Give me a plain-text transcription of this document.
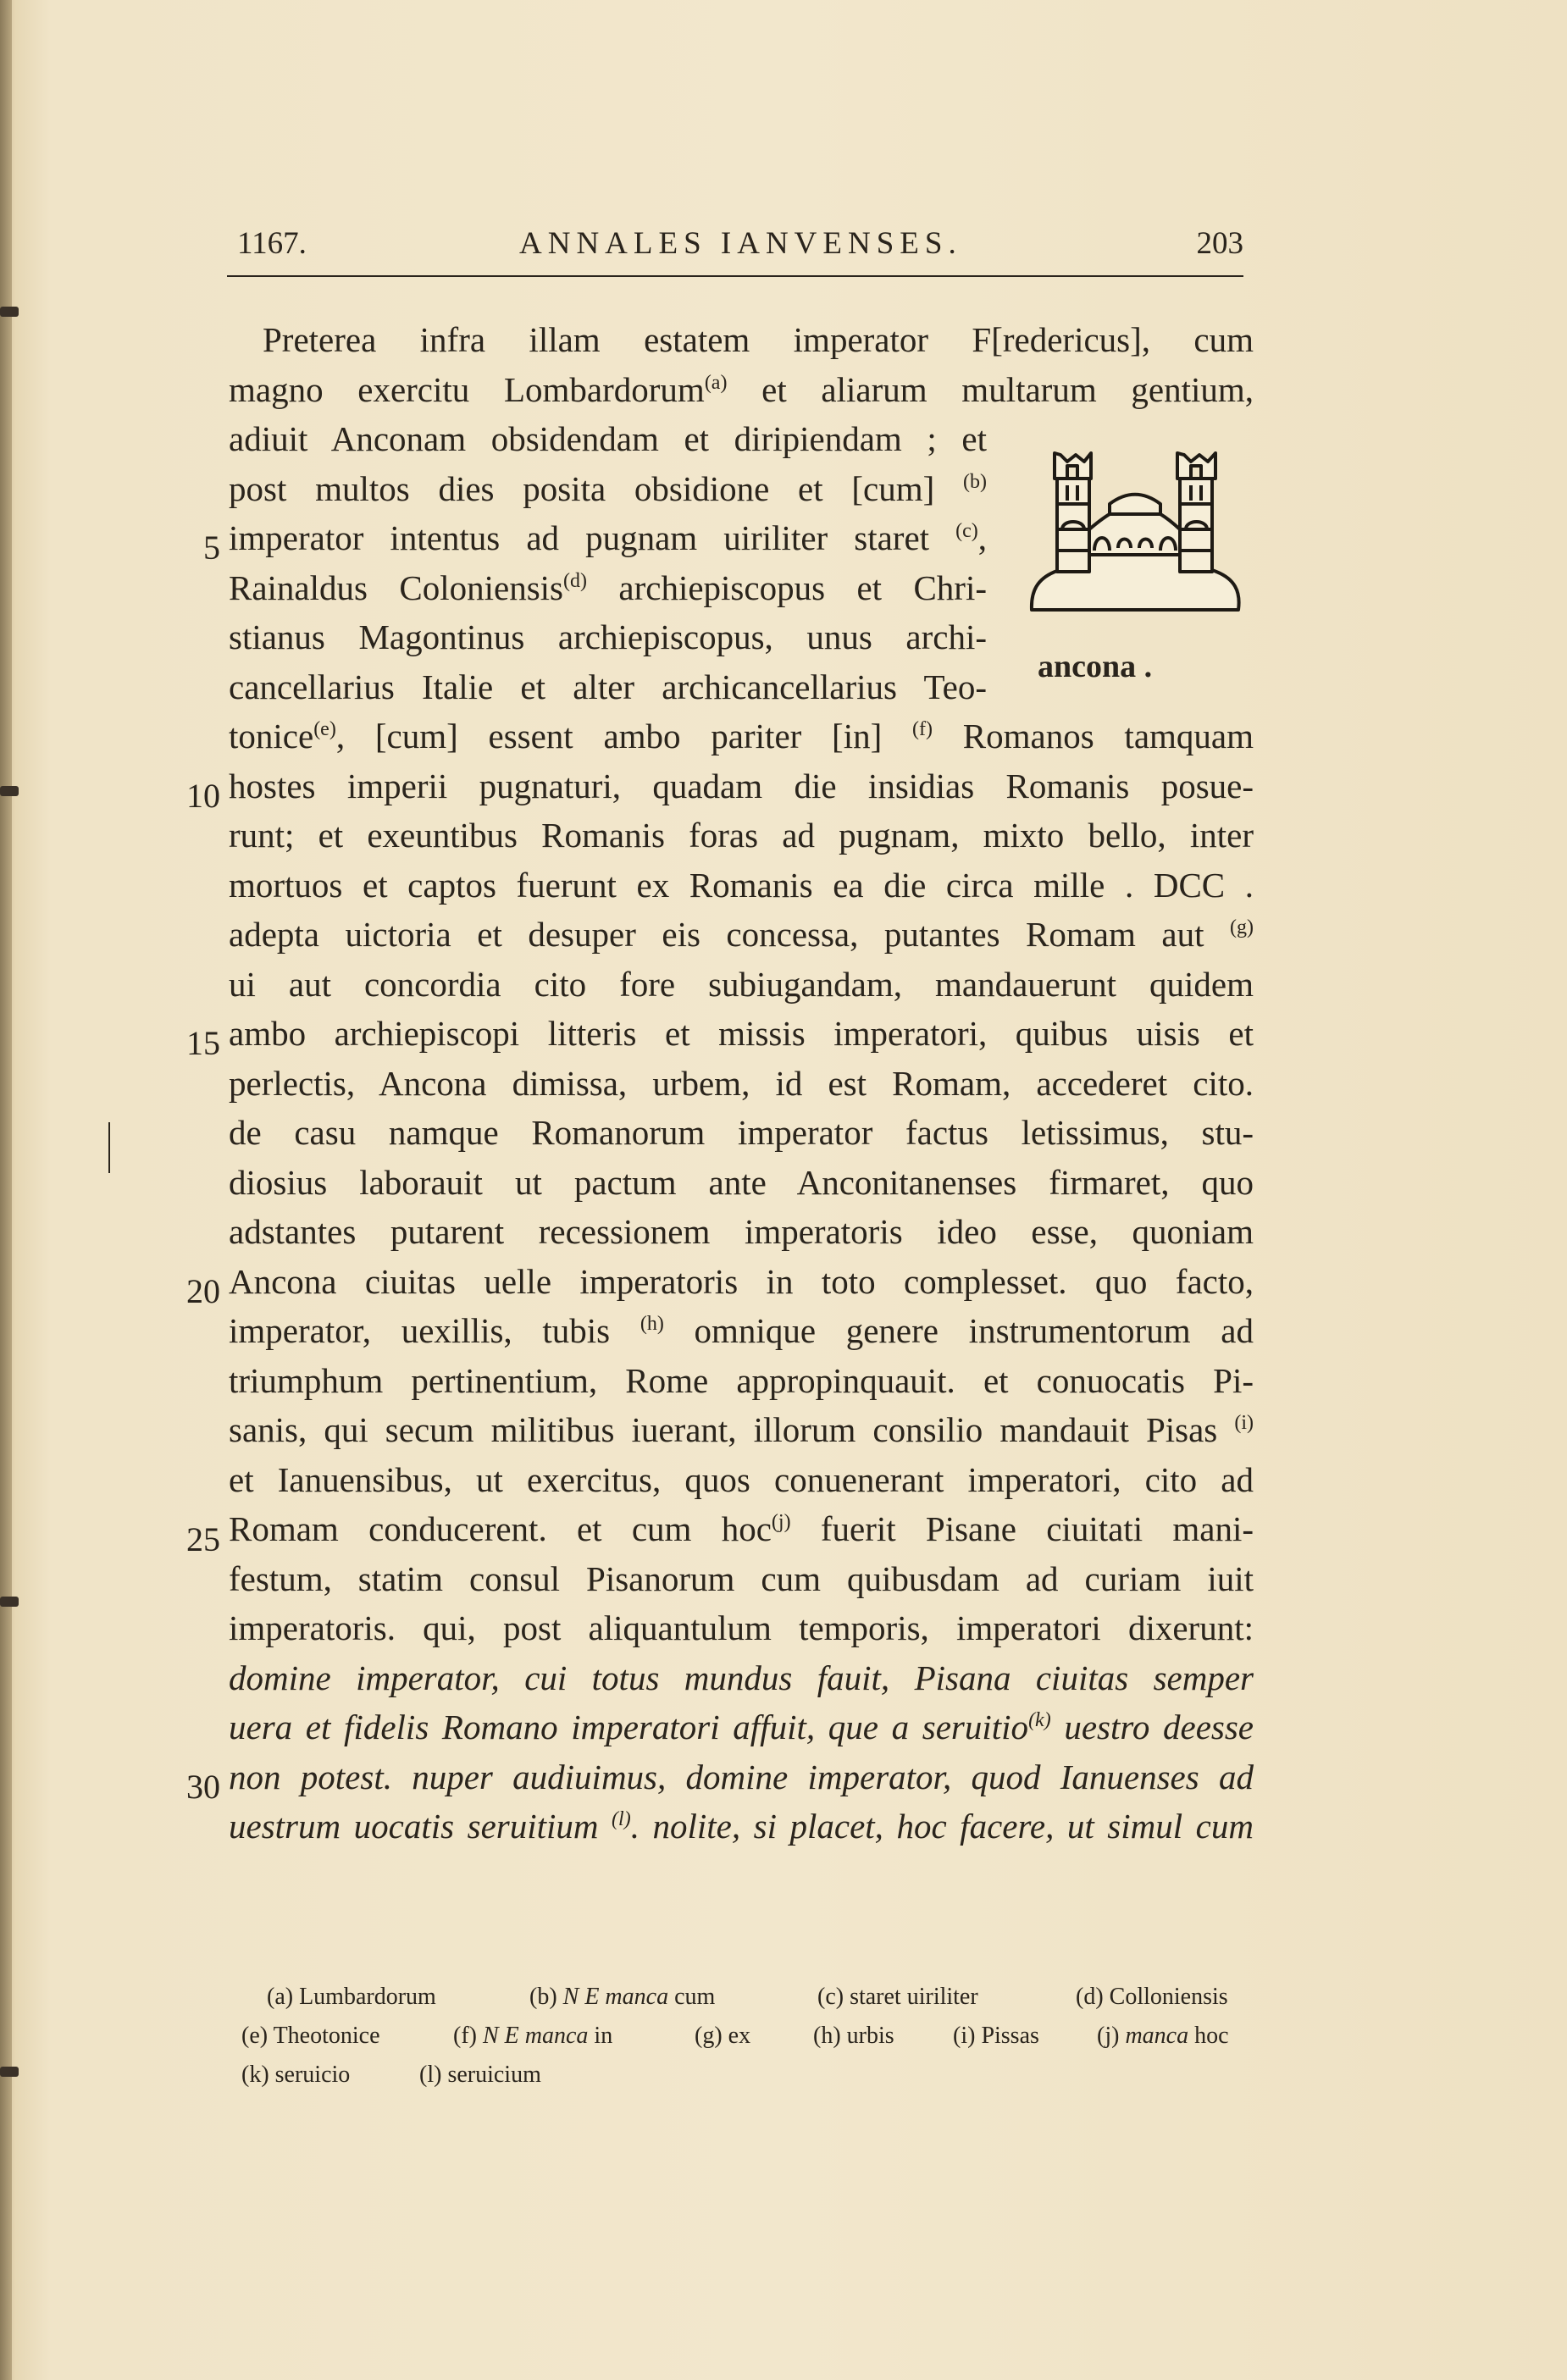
1167.	ANNALES IANVENSES.	203
5
10
15
20
25
30
Preterea infra illam estatem imperator F[redericus], cum
magno exercitu Lombardorum$^{(a)}$ et aliarum multarum gentium,
adiuit Anconam obsidendam et diripiendam ; et
post multos dies posita obsidione et [cum] $^{(b)}$
imperator intentus ad pugnam uiriliter staret $^{(c)}$,
Rainaldus Coloniensis$^{(d)}$ archiepiscopus et Chri-
stianus Magontinus archiepiscopus, unus archi-
cancellarius Italie et alter archicancellarius Teo-
tonice$^{(e)}$, [cum] essent ambo pariter [in] $^{(f)}$ Romanos tamquam
hostes imperii pugnaturi, quadam die insidias Romanis posue-
runt; et exeuntibus Romanis foras ad pugnam, mixto bello, inter
mortuos et captos fuerunt ex Romanis ea die circa mille . DCC .
adepta uictoria et desuper eis concessa, putantes Romam aut $^{(g)}$
ui aut concordia cito fore subiugandam, mandauerunt quidem
ambo archiepiscopi litteris et missis imperatori, quibus uisis et
perlectis, Ancona dimissa, urbem, id est Romam, accederet cito.
de casu namque Romanorum imperator factus letissimus, stu-
diosius laborauit ut pactum ante Anconitanenses firmaret, quo
adstantes putarent recessionem imperatoris ideo esse, quoniam
Ancona ciuitas uelle imperatoris in toto complesset. quo facto,
imperator, uexillis, tubis $^{(h)}$ omnique genere instrumentorum ad
triumphum pertinentium, Rome appropinquauit. et conuocatis Pi-
sanis, qui secum militibus iuerant, illorum consilio mandauit Pisas $^{(i)}$
et Ianuensibus, ut exercitus, quos conuenerant imperatori, cito ad
Romam conducerent. et cum hoc$^{(j)}$ fuerit Pisane ciuitati mani-
festum, statim consul Pisanorum cum quibusdam ad curiam iuit
imperatoris. qui, post aliquantulum temporis, imperatori dixerunt:
domine imperator, cui totus mundus fauit, Pisana ciuitas semper
uera et fidelis Romano imperatori affuit, que a seruitio$^{(k)}$ uestro deesse
non potest. nuper audiuimus, domine imperator, quod Ianuenses ad
uestrum uocatis seruitium $^{(l)}$. nolite, si placet, hoc facere, ut simul cum
ancona .
(a) Lumbardorum	(b) N E manca cum	(c) staret uiriliter	(d) Colloniensis
(e) Theotonice	(f) N E manca in	(g) ex	(h) urbis (i) Pissas (j) manca hoc
(k) seruicio	(l) seruicium
